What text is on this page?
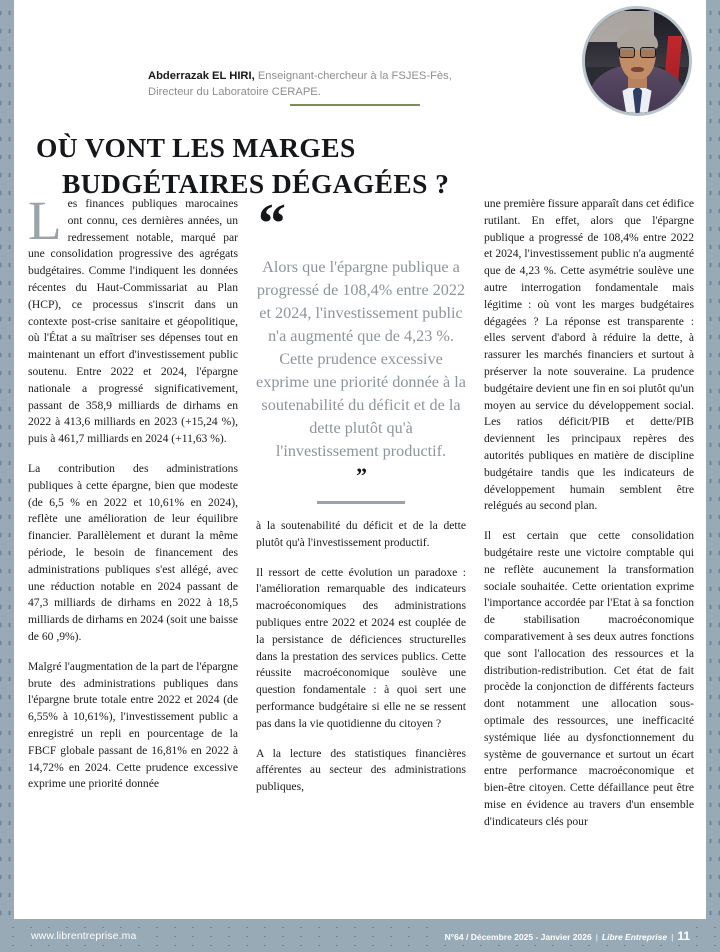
Abderrazak EL HIRI, Enseignant-chercheur à la FSJES-Fès,
Directeur du Laboratoire CERAPE.
OÙ VONT LES MARGES
BUDGÉTAIRES DÉGAGÉES ?

Les finances publiques marocaines ont connu, ces dernières années, un redressement notable, marqué par une consolidation progressive des agrégats budgétaires. Comme l'indiquent les données récentes du Haut-Commissariat au Plan (HCP), ce processus s'inscrit dans un contexte post-crise sanitaire et géopolitique, où l'État a su maîtriser ses dépenses tout en maintenant un effort d'investissement public soutenu. Entre 2022 et 2024, l'épargne nationale a progressé significativement, passant de 358,9 milliards de dirhams en 2022 à 413,6 milliards en 2023 (+15,24 %), puis à 461,7 milliards en 2024 (+11,63 %).

La contribution des administrations publiques à cette épargne, bien que modeste (de 6,5 % en 2022 et 10,61% en 2024), reflète une amélioration de leur équilibre financier. Parallèlement et durant la même période, le besoin de financement des administrations publiques s'est allégé, avec une réduction notable en 2024 passant de 47,3 milliards de dirhams en 2022 à 18,5 milliards de dirhams en 2024 (soit une baisse de 60 ,9%).

Malgré l'augmentation de la part de l'épargne brute des administrations publiques dans l'épargne brute totale entre 2022 et 2024 (de 6,55% à 10,61%), l'investissement public a enregistré un repli en pourcentage de la FBCF globale passant de 16,81% en 2022 à 14,72% en 2024. Cette prudence excessive exprime une priorité donnée

“
Alors que l'épargne publique a progressé de 108,4% entre 2022 et 2024, l'investissement public n'a augmenté que de 4,23 %. Cette prudence excessive exprime une priorité donnée à la soutenabilité du déficit et de la dette plutôt qu'à l'investissement productif.
”

à la soutenabilité du déficit et de la dette plutôt qu'à l'investissement productif.

Il ressort de cette évolution un paradoxe : l'amélioration remarquable des indicateurs macroéconomiques des administrations publiques entre 2022 et 2024 est couplée de la persistance de déficiences structurelles dans la prestation des services publics. Cette réussite macroéconomique soulève une question fondamentale : à quoi sert une performance budgétaire si elle ne se ressent pas dans la vie quotidienne du citoyen ?

A la lecture des statistiques financières afférentes au secteur des administrations publiques,

une première fissure apparaît dans cet édifice rutilant. En effet, alors que l'épargne publique a progressé de 108,4% entre 2022 et 2024, l'investissement public n'a augmenté que de 4,23 %. Cette asymétrie soulève une autre interrogation fondamentale mais légitime : où vont les marges budgétaires dégagées ? La réponse est transparente : elles servent d'abord à réduire la dette, à rassurer les marchés financiers et surtout à préserver la note souveraine. La prudence budgétaire devient une fin en soi plutôt qu'un moyen au service du développement social. Les ratios déficit/PIB et dette/PIB deviennent les principaux repères des autorités publiques en matière de discipline budgétaire tandis que les indicateurs de développement humain semblent être relégués au second plan.

Il est certain que cette consolidation budgétaire reste une victoire comptable qui ne reflète aucunement la transformation sociale souhaitée. Cette orientation exprime l'importance accordée par l'Etat à sa fonction de stabilisation macroéconomique comparativement à ses deux autres fonctions que sont l'allocation des ressources et la distribution-redistribution. Cet état de fait procède la conjonction de différents facteurs dont notamment une allocation sous-optimale des ressources, une inefficacité systémique liée au dysfonctionnement du système de gouvernance et surtout un écart entre performance macroéconomique et bien-être citoyen. Cette défaillance peut être mise en évidence au travers d'un ensemble d'indicateurs clés pour

www.librentreprise.ma	N°64 / Décembre 2025 - Janvier 2026 | Libre Entreprise | 11
